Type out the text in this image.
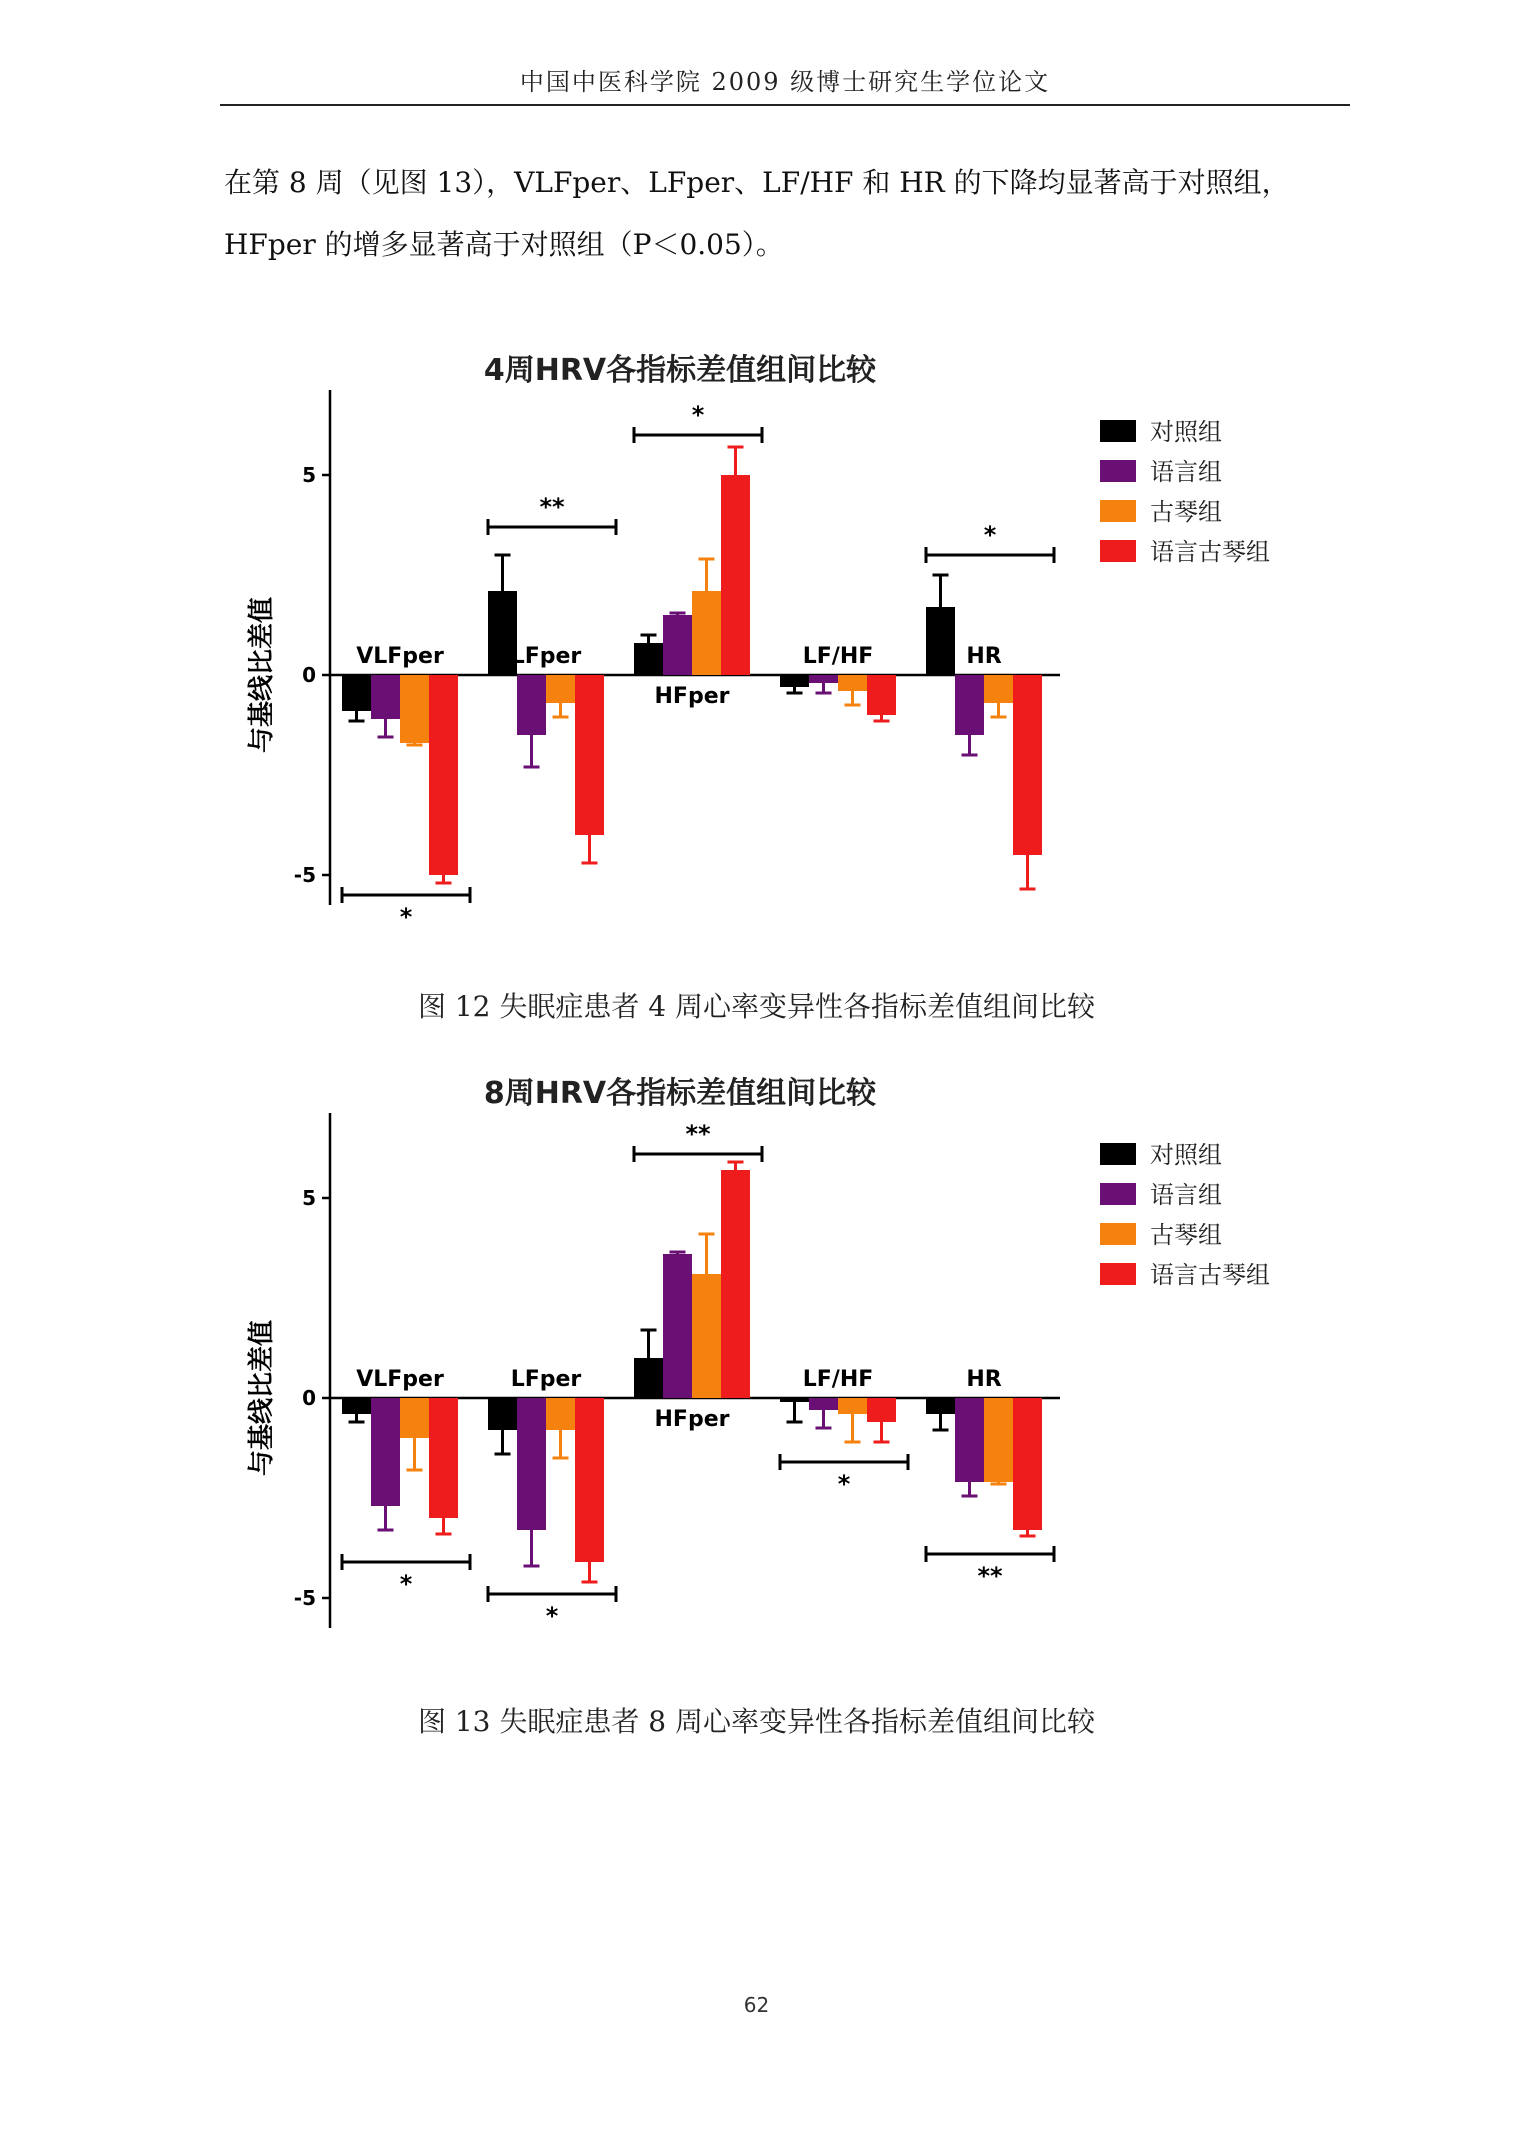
中国中医科学院 2009 级博士研究生学位论文

在第 8 周（见图 13），VLFper、LFper、LF/HF 和 HR 的下降均显著高于对照组，

HFper 的增多显著高于对照组（P＜0.05）。

4周HRV各指标差值组间比较
5
0
-5
与基线比差值	VLFper	LFper
HFper
LF/HF	HR
*
**
*
*
对照组
语言组
古琴组
语言古琴组
图 12 失眠症患者 4 周心率变异性各指标差值组间比较
8周HRV各指标差值组间比较
5
0
-5
与基线比差值	VLFper	LFper
HFper
LF/HF	HR
*
*
**
*
**
对照组
语言组
古琴组
语言古琴组
图 13 失眠症患者 8 周心率变异性各指标差值组间比较
62
